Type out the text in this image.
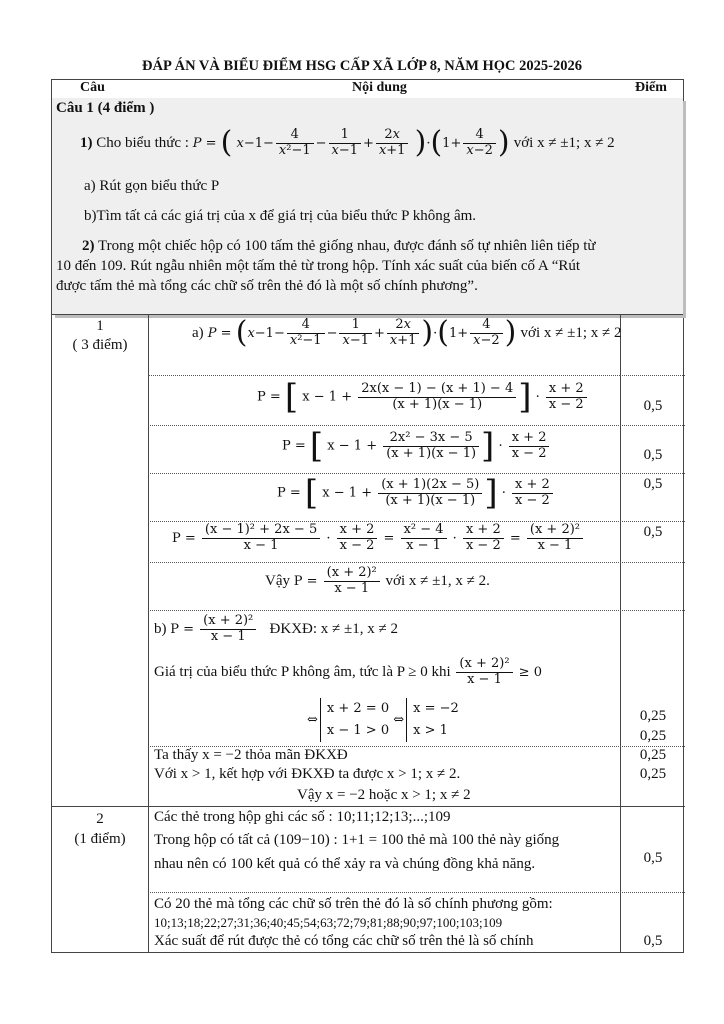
ĐÁP ÁN VÀ BIỂU ĐIỂM HSG CẤP XÃ LỚP 8, NĂM HỌC 2025-2026
Câu	Nội dung	Điểm
Câu 1 (4 điểm )
1) Cho biểu thức : P = ( $x-1- \frac{4}{\text{x²−1}} - \frac{1}{x-1} + \frac{2x}{x+1} )\cdot(1+ \frac{4}{x-2}$ ) với x ≠ ±1; x ≠ 2
a) Rút gọn biểu thức P
b)Tìm tất cả các giá trị của x để giá trị của biểu thức P không âm.
2) Trong một chiếc hộp có 100 tấm thẻ giống nhau, được đánh số tự nhiên liên tiếp từ
10 đến 109. Rút ngẫu nhiên một tấm thẻ từ trong hộp. Tính xác suất của biến cố A “Rút
được tấm thẻ mà tổng các chữ số trên thẻ đó là một số chính phương”.
1
( 3 điểm)
2
(1 điểm)
a) $P = (x-1- \frac{4}{\text{x²−1}} - \frac{1}{x-1} + \frac{2x}{x+1} )\cdot(1+ \frac{4}{x-2}$ ) với x ≠ ±1; x ≠ 2
P = [ $x - 1 + \frac{2x(x - 1) - (x + 1) - 4}{(x + 1)(x - 1)}$ ] · $\frac{x + 2}{x - 2}$
P = [ $x - 1 + \frac{\text{2x² − 3x − 5}}{(x + 1)(x - 1)}$ ] · $\frac{x + 2}{x - 2}$
P = [ $x - 1 + \frac{(x + 1)(2x - 5)}{(x + 1)(x - 1)}$ ] · $\frac{x + 2}{x - 2}$
$P = \frac{\text{(x − 1)² + 2x − 5}}{x - 1} \cdot \frac{x + 2}{x - 2} = \frac{\text{x² − 4}}{x - 1} \cdot \frac{x + 2}{x - 2} = \frac{\text{(x + 2)²}}{x - 1}$
Vậy $P = \frac{\text{(x + 2)²}}{x - 1}$ với x ≠ ±1, x ≠ 2.
b) $P = \frac{\text{(x + 2)²}}{x - 1}$ ĐKXĐ: x ≠ ±1, x ≠ 2
Giá trị của biểu thức P không âm, tức là P ≥ 0 khi $\frac{\text{(x + 2)²}}{x - 1} \ge 0$
⇔
x + 2 = 0
x − 1 > 0
⇔
x = −2
x > 1
Ta thấy x = −2 thỏa mãn ĐKXĐ
Với x > 1, kết hợp với ĐKXĐ ta được x > 1; x ≠ 2.
Vậy x = −2 hoặc x > 1; x ≠ 2
Các thẻ trong hộp ghi các số : 10;11;12;13;...;109
Trong hộp có tất cả (109−10) : 1+1 = 100 thẻ mà 100 thẻ này giống
nhau nên có 100 kết quả có thể xảy ra và chúng đồng khả năng.
Có 20 thẻ mà tổng các chữ số trên thẻ đó là số chính phương gồm:
10;13;18;22;27;31;36;40;45;54;63;72;79;81;88;90;97;100;103;109
Xác suất để rút được thẻ có tổng các chữ số trên thẻ là số chính
0,5
0,5
0,5
0,5
0,25
0,25
0,25
0,25
0,5
0,5
